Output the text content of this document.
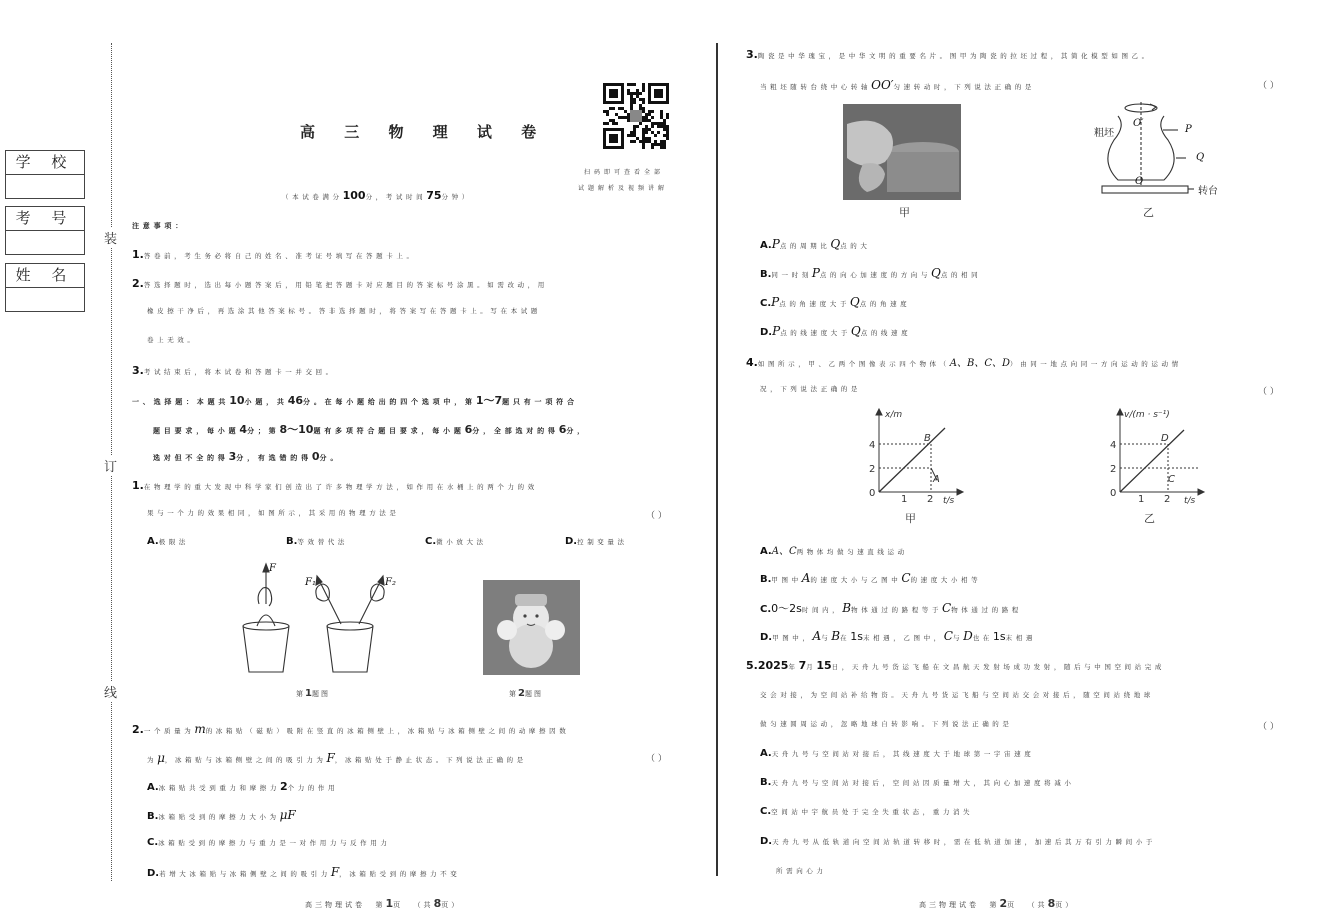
学 校
考 号
姓 名
装
订
线
高 三 物 理 试 卷
扫码即可查看全部
试题解析及视频讲解
（本试卷满分100分，考试时间75分钟）
注意事项：
1.答卷前，考生务必将自己的姓名、准考证号填写在答题卡上。
2.答选择题时，选出每小题答案后，用铅笔把答题卡对应题目的答案标号涂黑。如需改动，用
橡皮擦干净后，再选涂其他答案标号。答非选择题时，将答案写在答题卡上。写在本试题
卷上无效。
3.考试结束后，将本试卷和答题卡一并交回。
一、选择题：本题共10小题，共46分。在每小题给出的四个选项中，第1～7题只有一项符合
题目要求，每小题4分；第8～10题有多项符合题目要求，每小题6分，全部选对的得6分，
选对但不全的得3分，有选错的得0分。
1.在物理学的重大发现中科学家们创造出了许多物理学方法，如作用在水桶上的两个力的效
果与一个力的效果相同，如图所示，其采用的物理方法是	（ ）
A.极限法	B.等效替代法	C.微小放大法	D.控制变量法
F
F₁	F₂
第1题图	第2题图
2.一个质量为m的冰箱贴（磁贴）吸附在竖直的冰箱侧壁上，冰箱贴与冰箱侧壁之间的动摩擦因数
为μ，冰箱贴与冰箱侧壁之间的吸引力为F，冰箱贴处于静止状态。下列说法正确的是	（ ）
A.冰箱贴共受到重力和摩擦力2个力的作用
B.冰箱贴受到的摩擦力大小为μF
C.冰箱贴受到的摩擦力与重力是一对作用力与反作用力
D.若增大冰箱贴与冰箱侧壁之间的吸引力F，冰箱贴受到的摩擦力不变
高三物理试卷 第1页 （共8页）
3.陶瓷是中华瑰宝，是中华文明的重要名片。图甲为陶瓷的拉坯过程，其简化模型如图乙。
当粗坯随转台绕中心转轴OO′匀速转动时，下列说法正确的是	（ ）
甲
粗坯
O′
P
Q
O
转台
乙
A.P点的周期比Q点的大
B.同一时刻P点的向心加速度的方向与Q点的相同
C.P点的角速度大于Q点的角速度
D.P点的线速度大于Q点的线速度
4.如图所示，甲、乙两个图像表示四个物体（A、B、C、D）由同一地点向同一方向运动的运动情
况，下列说法正确的是	（ ）
x/m
t/s
0
2
4
1 2
B
A
甲
v/(m · s⁻¹)
t/s
0
2
4
1 2
D
C
乙
A.A、C两物体均做匀速直线运动
B.甲图中A的速度大小与乙图中C的速度大小相等
C.0～2s时间内，B物体通过的路程等于C物体通过的路程
D.甲图中，A与B在1s末相遇，乙图中，C与D也在1s末相遇
5.2025年7月15日，天舟九号货运飞船在文昌航天发射场成功发射，随后与中国空间站完成
交会对接，为空间站补给物资。天舟九号货运飞船与空间站交会对接后，随空间站绕地球
做匀速圆周运动，忽略地球自转影响。下列说法正确的是	（ ）
A.天舟九号与空间站对接后，其线速度大于地球第一宇宙速度
B.天舟九号与空间站对接后，空间站因质量增大，其向心加速度将减小
C.空间站中宇航员处于完全失重状态，重力消失
D.天舟九号从低轨道向空间站轨道转移时，需在低轨道加速，加速后其万有引力瞬间小于
所需向心力
高三物理试卷 第2页 （共8页）
